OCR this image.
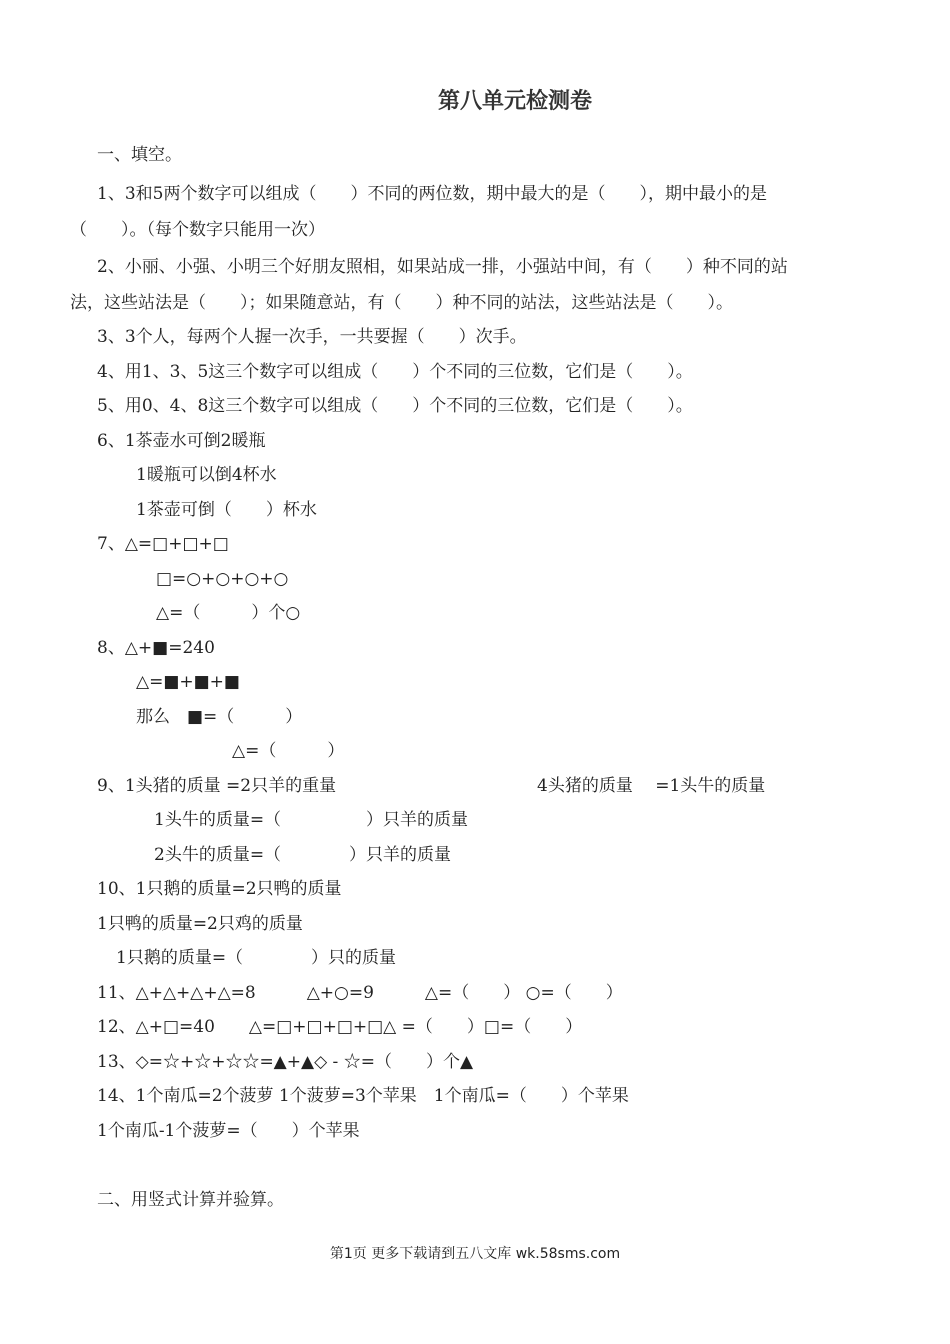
第八单元检测卷
一、填空。
1、3和5两个数字可以组成（　　）不同的两位数，期中最大的是（　　），期中最小的是
（　　）。（每个数字只能用一次）
2、小丽、小强、小明三个好朋友照相，如果站成一排，小强站中间，有（　　）种不同的站
法，这些站法是（　　）；如果随意站，有（　　）种不同的站法，这些站法是（　　）。
3、3个人，每两个人握一次手，一共要握（　　）次手。
4、用1、3、5这三个数字可以组成（　　）个不同的三位数，它们是（　　）。
5、用0、4、8这三个数字可以组成（　　）个不同的三位数，它们是（　　）。
6、1茶壶水可倒2暖瓶
1暖瓶可以倒4杯水
1茶壶可倒（　　）杯水
7、△=□+□+□
□=○+○+○+○
△=（　　　）个○
8、△+■=240
△=■+■+■
那么　■=（　　　）
△=（　　　）
9、1头猪的质量 =2只羊的重量	4头猪的质量　 =1头牛的质量
1头牛的质量=（　　　　　）只羊的质量
2头牛的质量=（　　　　）只羊的质量
10、1只鹅的质量=2只鸭的质量
1只鸭的质量=2只鸡的质量
1只鹅的质量=（　　　　）只的质量
11、△+△+△+△=8　　　△+○=9　　　△=（　　） ○=（　　）
12、△+□=40　　△=□+□+□+□△ =（　　）□=（　　）
13、◇=☆+☆+☆☆=▲+▲◇ - ☆=（　　）个▲
14、1个南瓜=2个菠萝 1个菠萝=3个苹果　1个南瓜=（　　）个苹果
1个南瓜-1个菠萝=（　　）个苹果
二、用竖式计算并验算。
第1页 更多下载请到五八文库 wk.58sms.com
